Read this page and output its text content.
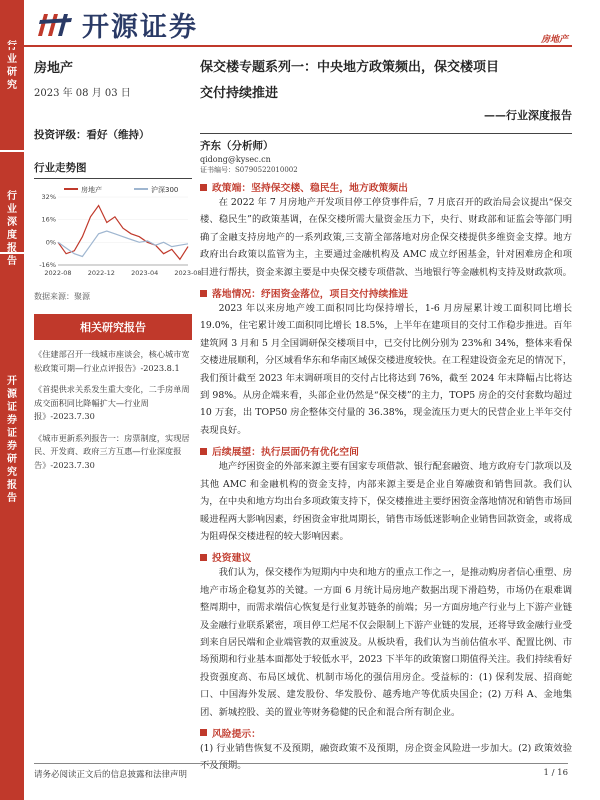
业研究
行业深度报告
开源证券 证券研究报告
开源证券	房地产
房地产
2023 年 08 月 03 日
投资评级：看好（维持）
行业走势图
房地产	沪深300
-16%
0%
16%
32%
2022-08 2022-12 2023-04 2023-08
数据来源：聚源
相关研究报告

《住建部召开一线城市座谈会，核心城市宽松政策可期—行业点评报告》-2023.8.1

《首提供求关系发生重大变化，二手房单周成交面积同比降幅扩大—行业周报》-2023.7.30

《城市更新系列报告一：房票制度，实现居民、开发商、政府三方互惠—行业深度报告》-2023.7.30

保交楼专题系列一：中央地方政策频出，保交楼项目
交付持续推进
——行业深度报告
齐东（分析师）
qidong@kysec.cn
证书编号：S0790522010002
政策端：坚持保交楼、稳民生，地方政策频出

在 2022 年 7 月房地产开发项目停工停贷事件后，7 月底召开的政治局会议提出“保交楼、稳民生”的政策基调，在保交楼所需大量资金压力下，央行、财政部和证监会等部门明确了金融支持房地产的一系列政策,三支箭全部落地对房企保交楼提供多维资金支撑。地方政府出台政策以监管为主，主要通过金融机构及 AMC 成立纾困基金，针对困难房企和项目进行帮扶，资金来源主要是中央保交楼专项借款、当地银行等金融机构支持及财政款项。

落地情况：纾困资金落位，项目交付持续推进

2023 年以来房地产竣工面积同比均保持增长，1-6 月房屋累计竣工面积同比增长 19.0%，住宅累计竣工面积同比增长 18.5%，上半年在建项目的交付工作稳步推进。百年建筑网 3 月和 5 月全国调研保交楼项目中，已交付比例分别为 23%和 34%，整体来看保交楼进展顺利，分区域看华东和华南区域保交楼进度较快。在工程建设资金充足的情况下，我们预计截至 2023 年末调研项目的交付占比将达到 76%，截至 2024 年末降幅占比将达到 98%。从房企端来看，头部企业仍然是“保交楼”的主力，TOP5 房企的交付套数均超过 10 万套，出 TOP50 房企整体交付量的 36.38%，现金流压力更大的民营企业上半年交付表现良好。

后续展望：执行层面仍有优化空间

地产纾困资金的外部来源主要有国家专项借款、银行配套融资、地方政府专门款项以及其他 AMC 和金融机构的资金支持，内部来源主要是企业自筹融资和销售回款。我们认为，在中央和地方均出台多项政策支持下，保交楼推进主要纾困资金落地情况和销售市场回暖进程两大影响因素，纾困资金审批周期长，销售市场低迷影响企业销售回款资金，或将成为阻碍保交楼进程的较大影响因素。

投资建议

我们认为，保交楼作为短期内中央和地方的重点工作之一，是推动购房者信心重塑、房地产市场企稳复苏的关键。一方面 6 月统计局房地产数据出现下滑趋势，市场仍在艰难调整周期中，而需求端信心恢复是行业复苏链条的前端；另一方面房地产行业与上下游产业链及金融行业联系紧密，项目停工烂尾不仅会限制上下游产业链的发展，还将导致金融行业受到来自居民端和企业端管教的双重波及。从板块看，我们认为当前估值水平、配置比例、市场预期和行业基本面都处于较低水平，2023 下半年的政策窗口期值得关注。我们持续看好投资强度高、布局区域优、机制市场化的强信用房企。受益标的：(1) 保利发展、招商蛇口、中国海外发展、建发股份、华发股份、越秀地产等优质央国企；(2) 万科 A、金地集团、新城控股、美的置业等财务稳健的民企和混合所有制企业。

风险提示：

(1) 行业销售恢复不及预期，融资政策不及预期，房企资金风险进一步加大。(2) 政策效验不及预期。

请务必阅读正文后的信息披露和法律声明	1 / 16
